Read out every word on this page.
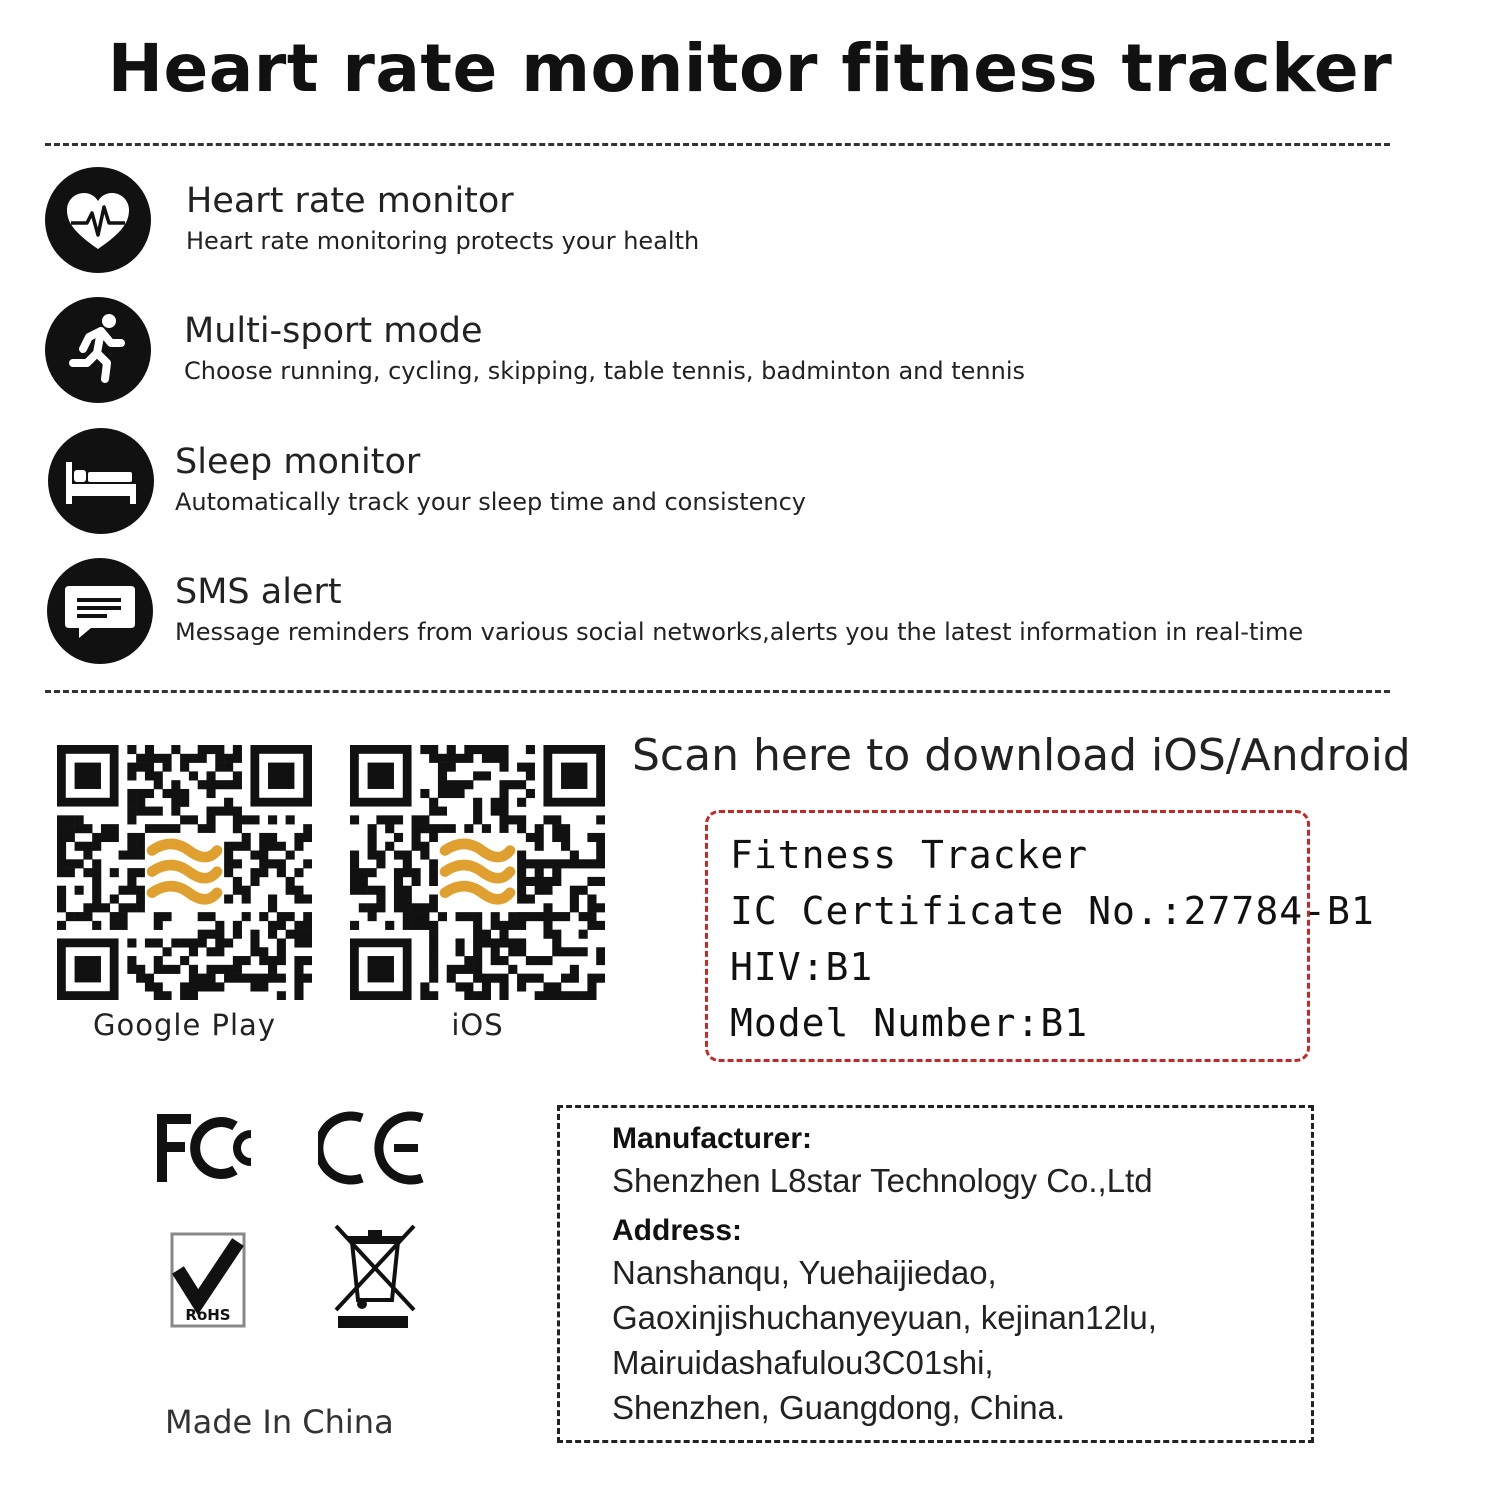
Heart rate monitor fitness tracker
Heart rate monitor
Heart rate monitoring protects your health
Multi-sport mode
Choose running, cycling, skipping, table tennis, badminton and tennis
Sleep monitor
Automatically track your sleep time and consistency
SMS alert
Message reminders from various social networks,alerts you the latest information in real-time
Google Play	iOS
Scan here to download iOS/Android
Fitness Tracker
IC Certificate No.:27784-B1
HIV:B1
Model Number:B1
RoHS
Made In China
Manufacturer:
Shenzhen L8star Technology Co.,Ltd
Address:
Nanshanqu, Yuehaijiedao,
Gaoxinjishuchanyeyuan, kejinan12lu,
Mairuidashafulou3C01shi,
Shenzhen, Guangdong, China.
